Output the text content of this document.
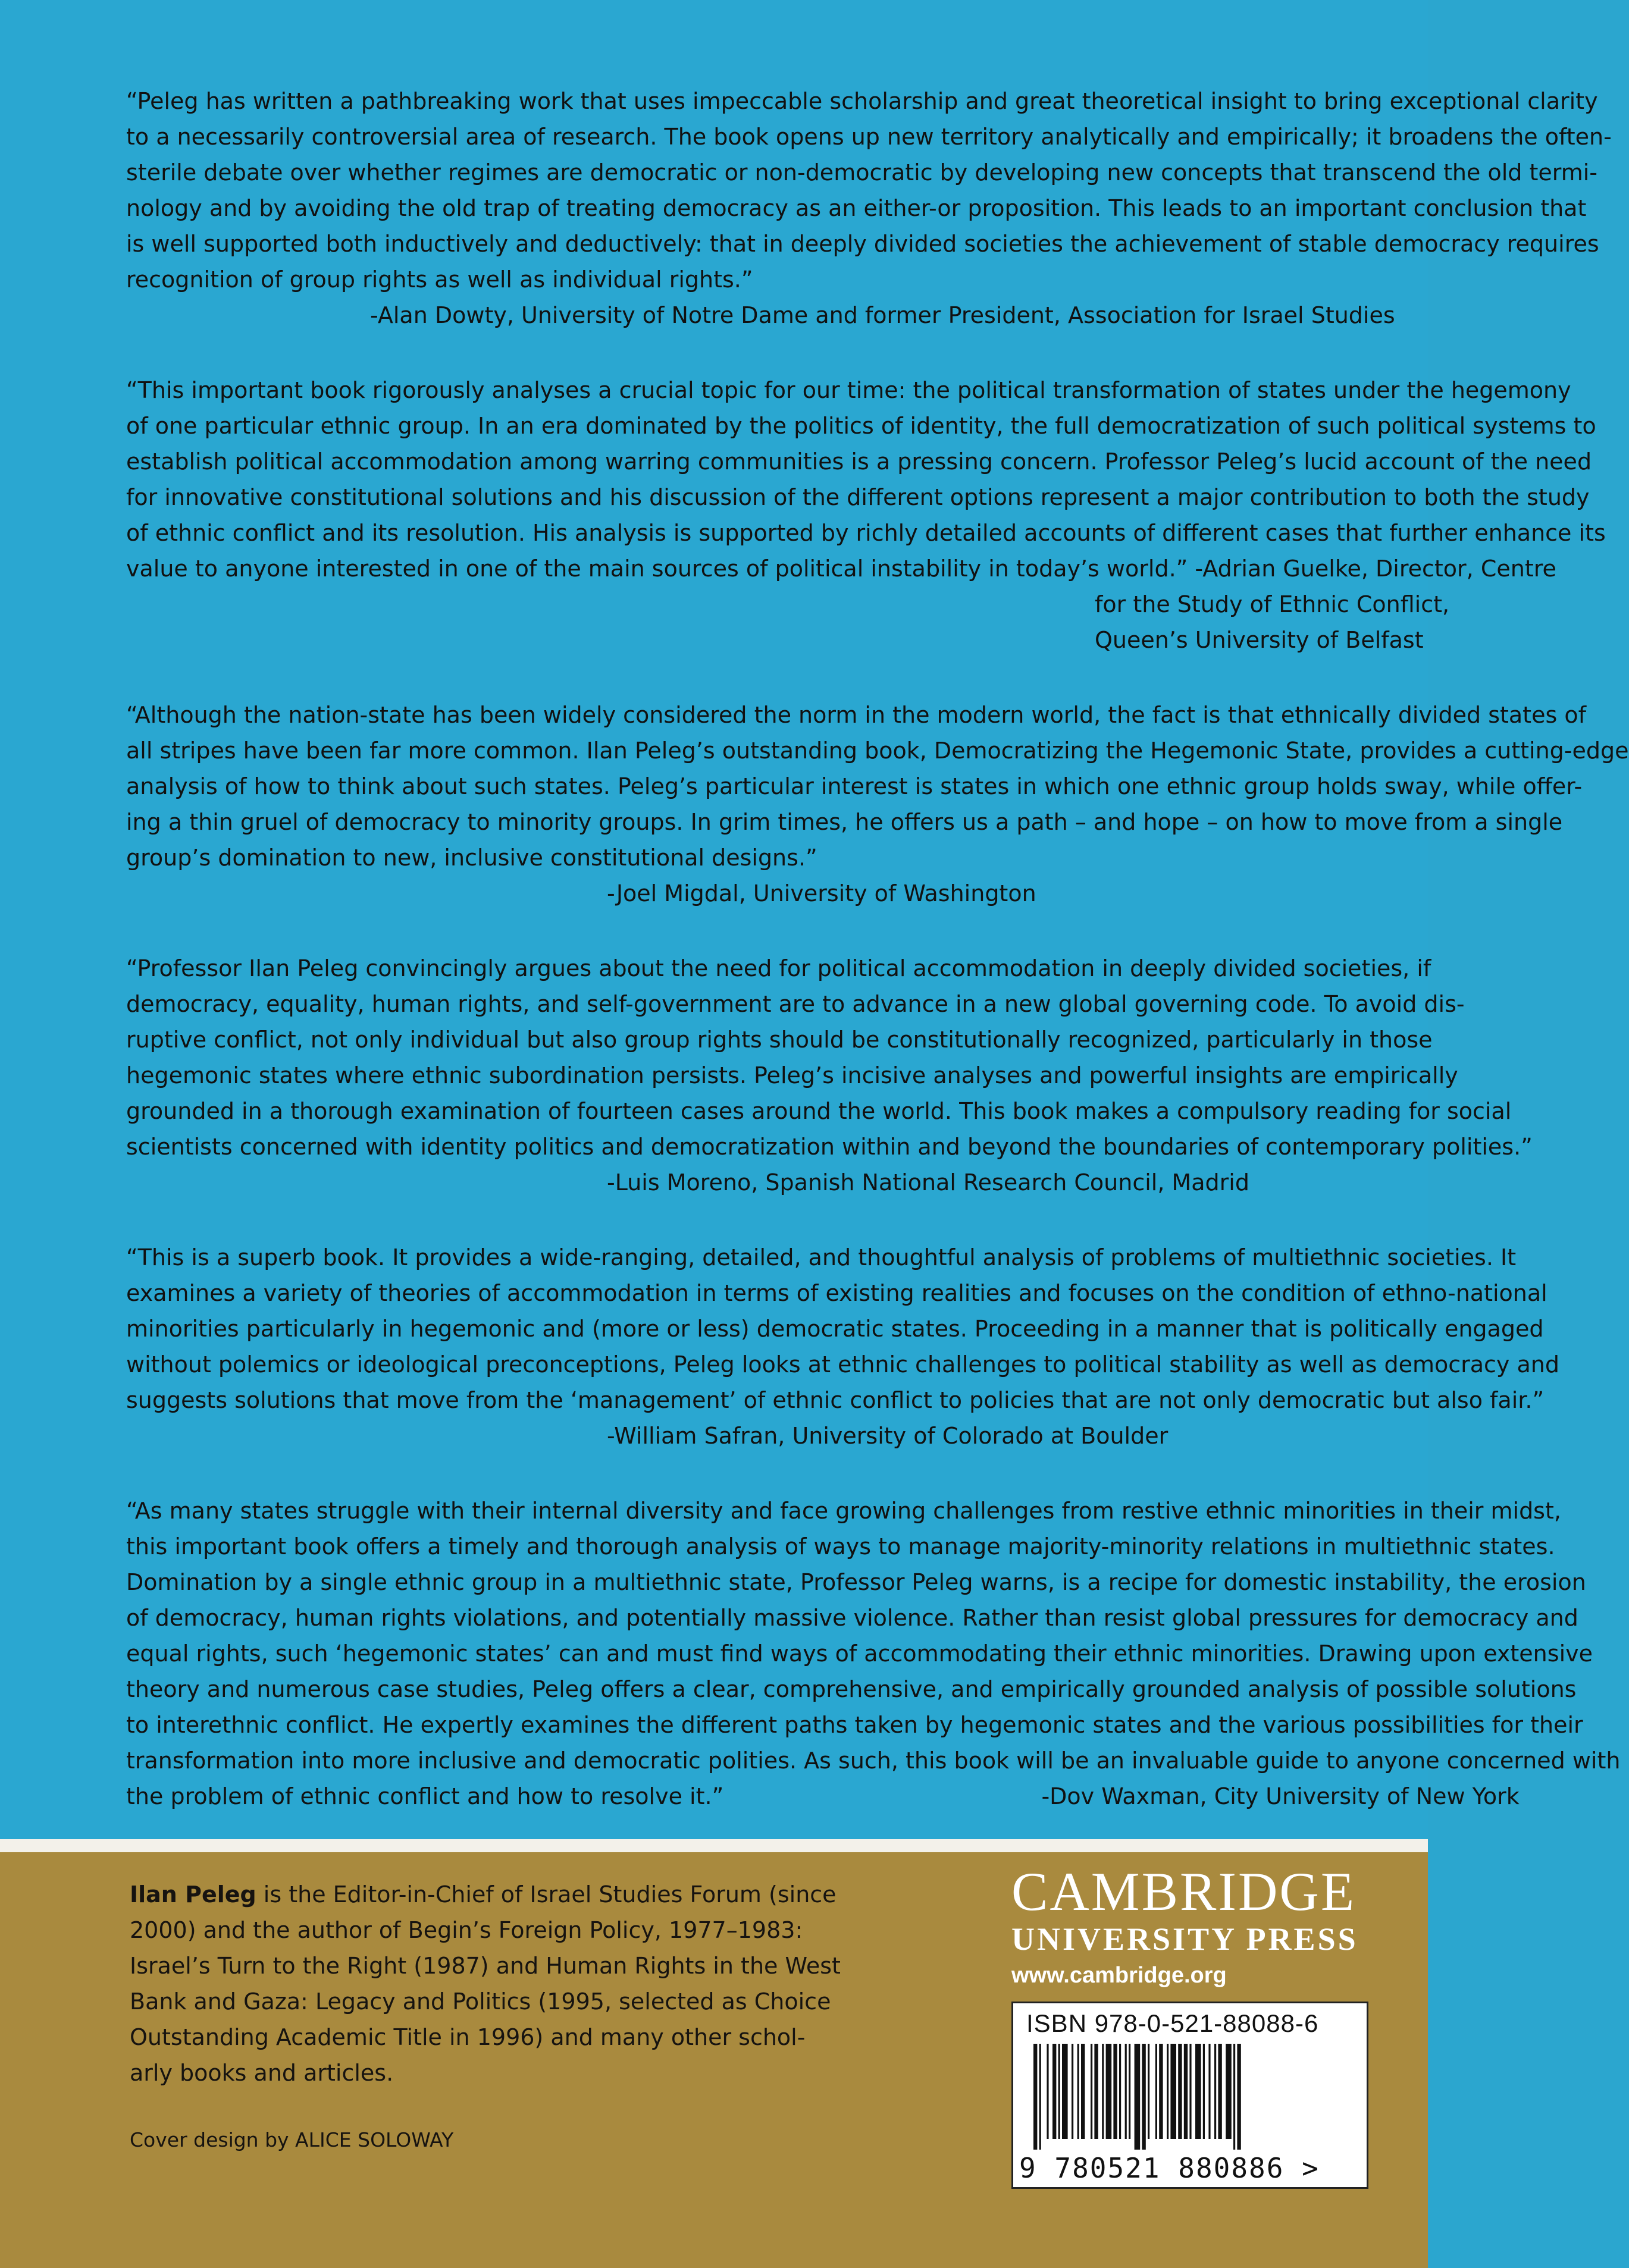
“Peleg has written a pathbreaking work that uses impeccable scholarship and great theoretical insight to bring exceptional clarity
to a necessarily controversial area of research. The book opens up new territory analytically and empirically; it broadens the often-
sterile debate over whether regimes are democratic or non-democratic by developing new concepts that transcend the old termi-
nology and by avoiding the old trap of treating democracy as an either-or proposition. This leads to an important conclusion that
is well supported both inductively and deductively: that in deeply divided societies the achievement of stable democracy requires
recognition of group rights as well as individual rights.”
-Alan Dowty, University of Notre Dame and former President, Association for Israel Studies
“This important book rigorously analyses a crucial topic for our time: the political transformation of states under the hegemony
of one particular ethnic group. In an era dominated by the politics of identity, the full democratization of such political systems to
establish political accommodation among warring communities is a pressing concern. Professor Peleg’s lucid account of the need
for innovative constitutional solutions and his discussion of the different options represent a major contribution to both the study
of ethnic conflict and its resolution. His analysis is supported by richly detailed accounts of different cases that further enhance its
value to anyone interested in one of the main sources of political instability in today’s world.” -Adrian Guelke, Director, Centre
for the Study of Ethnic Conflict,
Queen’s University of Belfast
“Although the nation-state has been widely considered the norm in the modern world, the fact is that ethnically divided states of
all stripes have been far more common. Ilan Peleg’s outstanding book, Democratizing the Hegemonic State, provides a cutting-edge
analysis of how to think about such states. Peleg’s particular interest is states in which one ethnic group holds sway, while offer-
ing a thin gruel of democracy to minority groups. In grim times, he offers us a path – and hope – on how to move from a single
group’s domination to new, inclusive constitutional designs.”
-Joel Migdal, University of Washington
“Professor Ilan Peleg convincingly argues about the need for political accommodation in deeply divided societies, if
democracy, equality, human rights, and self-government are to advance in a new global governing code. To avoid dis-
ruptive conflict, not only individual but also group rights should be constitutionally recognized, particularly in those
hegemonic states where ethnic subordination persists. Peleg’s incisive analyses and powerful insights are empirically
grounded in a thorough examination of fourteen cases around the world. This book makes a compulsory reading for social
scientists concerned with identity politics and democratization within and beyond the boundaries of contemporary polities.”
-Luis Moreno, Spanish National Research Council, Madrid
“This is a superb book. It provides a wide-ranging, detailed, and thoughtful analysis of problems of multiethnic societies. It
examines a variety of theories of accommodation in terms of existing realities and focuses on the condition of ethno-national
minorities particularly in hegemonic and (more or less) democratic states. Proceeding in a manner that is politically engaged
without polemics or ideological preconceptions, Peleg looks at ethnic challenges to political stability as well as democracy and
suggests solutions that move from the ‘management’ of ethnic conflict to policies that are not only democratic but also fair.”
-William Safran, University of Colorado at Boulder
“As many states struggle with their internal diversity and face growing challenges from restive ethnic minorities in their midst,
this important book offers a timely and thorough analysis of ways to manage majority-minority relations in multiethnic states.
Domination by a single ethnic group in a multiethnic state, Professor Peleg warns, is a recipe for domestic instability, the erosion
of democracy, human rights violations, and potentially massive violence. Rather than resist global pressures for democracy and
equal rights, such ‘hegemonic states’ can and must find ways of accommodating their ethnic minorities. Drawing upon extensive
theory and numerous case studies, Peleg offers a clear, comprehensive, and empirically grounded analysis of possible solutions
to interethnic conflict. He expertly examines the different paths taken by hegemonic states and the various possibilities for their
transformation into more inclusive and democratic polities. As such, this book will be an invaluable guide to anyone concerned with
the problem of ethnic conflict and how to resolve it.”	-Dov Waxman, City University of New York
Ilan Peleg is the Editor-in-Chief of Israel Studies Forum (since
2000) and the author of Begin’s Foreign Policy, 1977–1983:
Israel’s Turn to the Right (1987) and Human Rights in the West
Bank and Gaza: Legacy and Politics (1995, selected as Choice
Outstanding Academic Title in 1996) and many other schol-
arly books and articles.
Cover design by ALICE SOLOWAY
CAMBRIDGE
UNIVERSITY PRESS
www.cambridge.org
ISBN 978-0-521-88088-6
9 780521 880886 >
